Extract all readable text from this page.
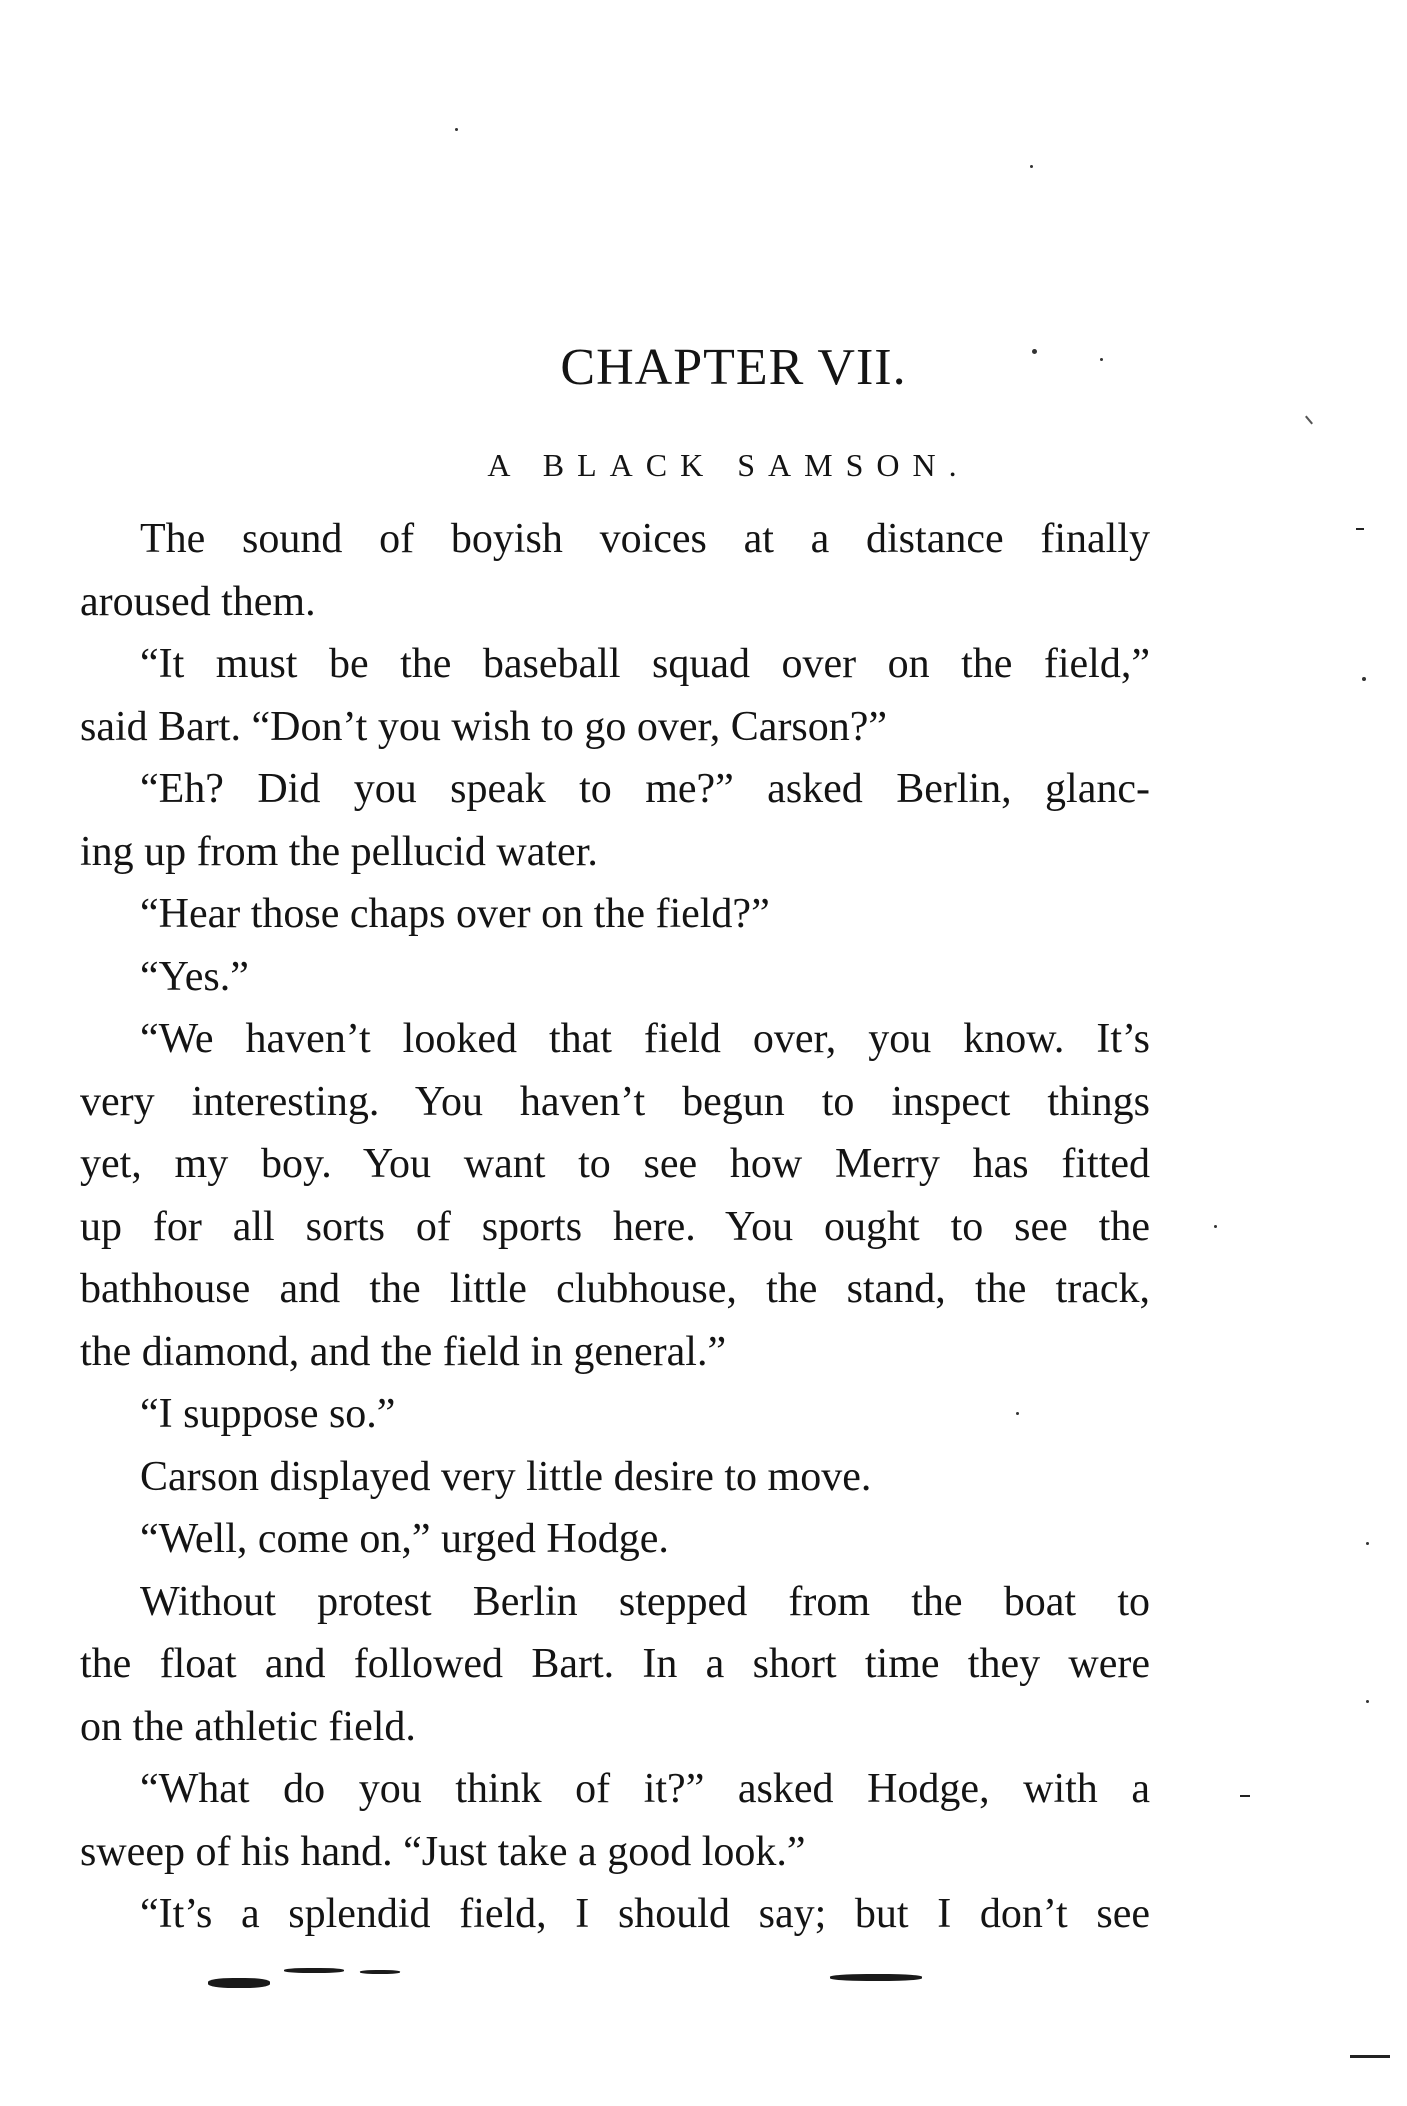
CHAPTER VII.
A BLACK SAMSON.
The sound of boyish voices at a distance finally
aroused them.
“It must be the baseball squad over on the field,”
said Bart. “Don’t you wish to go over, Carson?”
“Eh? Did you speak to me?” asked Berlin, glanc-
ing up from the pellucid water.
“Hear those chaps over on the field?”
“Yes.”
“We haven’t looked that field over, you know. It’s
very interesting. You haven’t begun to inspect things
yet, my boy. You want to see how Merry has fitted
up for all sorts of sports here. You ought to see the
bathhouse and the little clubhouse, the stand, the track,
the diamond, and the field in general.”
“I suppose so.”
Carson displayed very little desire to move.
“Well, come on,” urged Hodge.
Without protest Berlin stepped from the boat to
the float and followed Bart. In a short time they were
on the athletic field.
“What do you think of it?” asked Hodge, with a
sweep of his hand. “Just take a good look.”
“It’s a splendid field, I should say; but I don’t see
